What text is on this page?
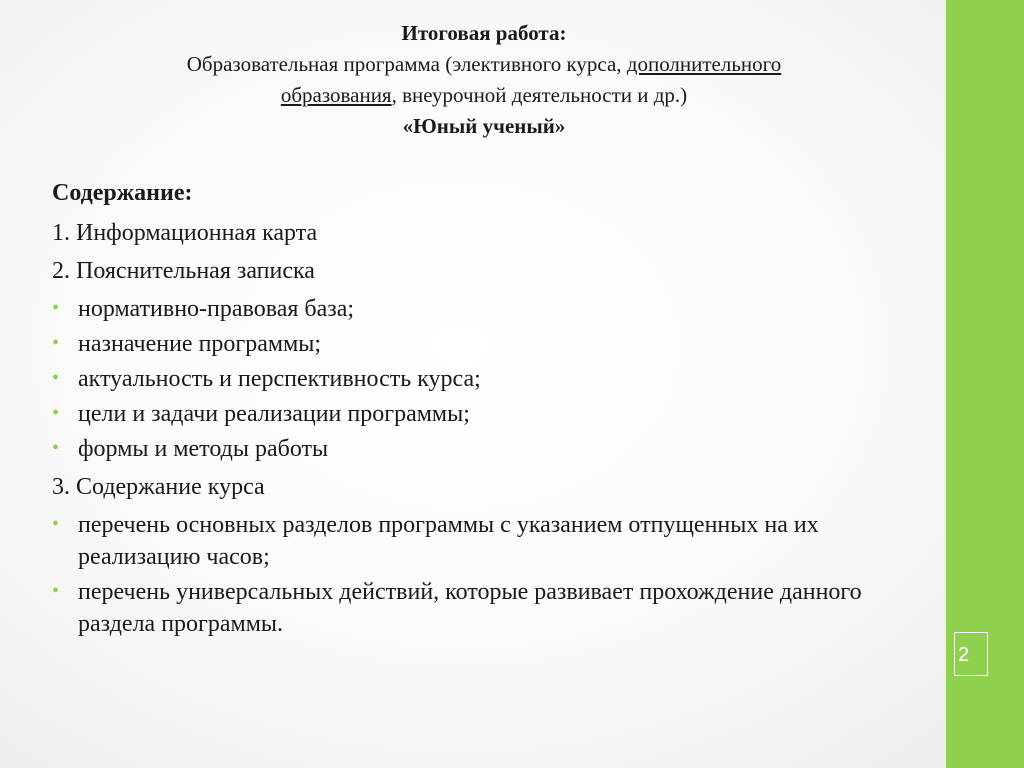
2
Итоговая работа:
Образовательная программа (элективного курса, дополнительного
образования, внеурочной деятельности и др.)
«Юный ученый»
Содержание:
1. Информационная карта
2. Пояснительная записка
• нормативно-правовая база;
• назначение программы;
• актуальность и перспективность курса;
• цели и задачи реализации программы;
• формы и методы работы
3. Содержание курса
• перечень основных разделов программы с указанием отпущенных на их реализацию часов;
• перечень универсальных действий, которые развивает прохождение данного раздела программы.
